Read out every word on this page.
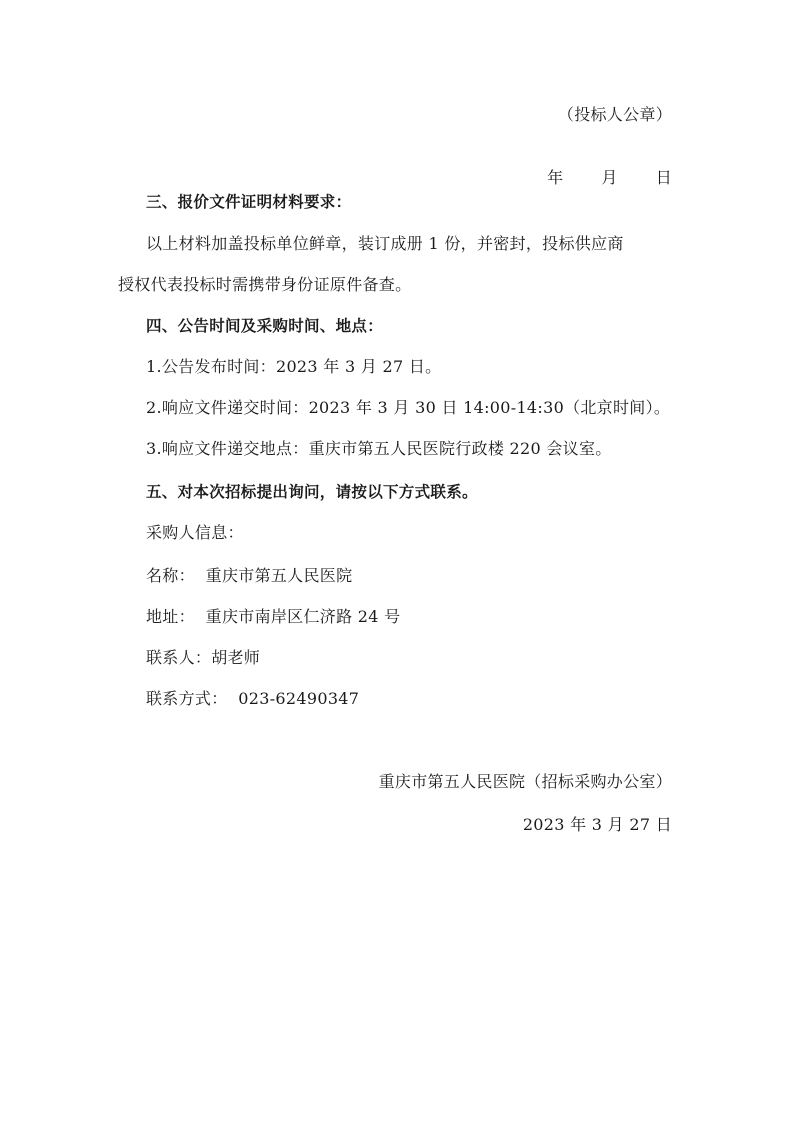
（投标人公章）

年 月 日

三、报价文件证明材料要求：
以上材料加盖投标单位鲜章，装订成册 1 份，并密封，投标供应商
授权代表投标时需携带身份证原件备查。
四、公告时间及采购时间、地点：
1.公告发布时间：2023 年 3 月 27 日。
2.响应文件递交时间：2023 年 3 月 30 日 14:00-14:30（北京时间）。
3.响应文件递交地点：重庆市第五人民医院行政楼 220 会议室。
五、对本次招标提出询问，请按以下方式联系。
采购人信息：
名称：  重庆市第五人民医院
地址：  重庆市南岸区仁济路 24 号
联系人：胡老师
联系方式：  023-62490347
重庆市第五人民医院（招标采购办公室）
2023 年 3 月 27 日
